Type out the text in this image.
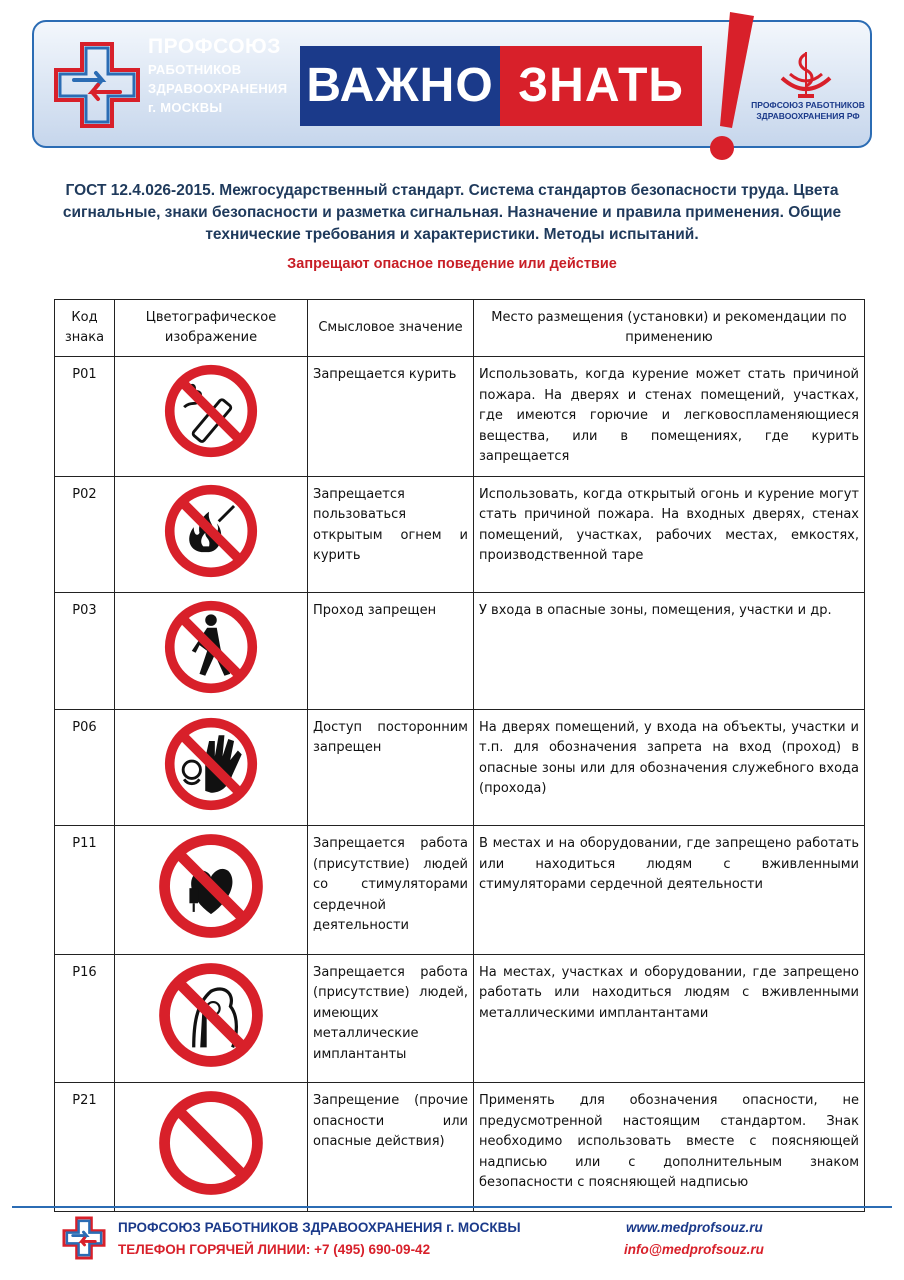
ПРОФСОЮЗ
РАБОТНИКОВ
ЗДРАВООХРАНЕНИЯ
г. МОСКВЫ	ВАЖНО ЗНАТЬ	ПРОФСОЮЗ РАБОТНИКОВ ЗДРАВООХРАНЕНИЯ РФ
ГОСТ 12.4.026-2015. Межгосударственный стандарт. Система стандартов безопасности труда. Цвета сигнальные, знаки безопасности и разметка сигнальная. Назначение и правила применения. Общие технические требования и характеристики. Методы испытаний.
Запрещают опасное поведение или действие
Код знака	Цветографическое изображение	Смысловое значение	Место размещения (установки) и рекомендации по применению
P01		Запрещается курить	Использовать, когда курение может стать причиной пожара. На дверях и стенах помещений, участках, где имеются горючие и легковоспламеняющиеся вещества, или в помещениях, где курить запрещается
P02		Запрещается пользоваться открытым огнем и курить	Использовать, когда открытый огонь и курение могут стать причиной пожара. На входных дверях, стенах помещений, участках, рабочих местах, емкостях, производственной таре
P03		Проход запрещен	У входа в опасные зоны, помещения, участки и др.
P06		Доступ посторонним запрещен	На дверях помещений, у входа на объекты, участки и т.п. для обозначения запрета на вход (проход) в опасные зоны или для обозначения служебного входа (прохода)
P11		Запрещается работа (присутствие) людей со стимуляторами сердечной деятельности	В местах и на оборудовании, где запрещено работать или находиться людям с вживленными стимуляторами сердечной деятельности
P16		Запрещается работа (присутствие) людей, имеющих металлические имплантанты	На местах, участках и оборудовании, где запрещено работать или находиться людям с вживленными металлическими имплантантами
P21		Запрещение (прочие опасности или опасные действия)	Применять для обозначения опасности, не предусмотренной настоящим стандартом. Знак необходимо использовать вместе с поясняющей надписью или с дополнительным знаком безопасности с поясняющей надписью
ПРОФСОЮЗ РАБОТНИКОВ ЗДРАВООХРАНЕНИЯ г. МОСКВЫ
ТЕЛЕФОН ГОРЯЧЕЙ ЛИНИИ: +7 (495) 690-09-42
www.medprofsouz.ru
info@medprofsouz.ru
